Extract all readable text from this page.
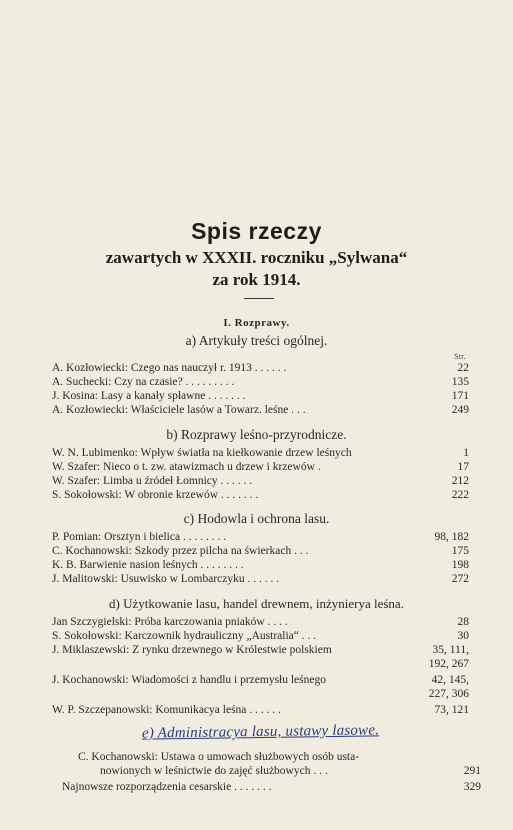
Spis rzeczy
zawartych w XXXII. roczniku „Sylwana“
za rok 1914.
I. Rozprawy.
a) Artykuły treści ogólnej.
Str.
A. Kozłowiecki: Czego nas nauczył r. 1913 . . . . . .	22
A. Suchecki: Czy na czasie? . . . . . . . . .	135
J. Kosina: Lasy a kanały spławne . . . . . . .	171
A. Kozłowiecki: Właściciele lasów a Towarz. leśne . . .	249
b) Rozprawy leśno-przyrodnicze.
W. N. Lubimenko: Wpływ światła na kiełkowanie drzew leśnych	1
W. Szafer: Nieco o t. zw. atawizmach u drzew i krzewów .	17
W. Szafer: Limba u źródeł Łomnicy . . . . . .	212
S. Sokołowski: W obronie krzewów . . . . . . .	222
c) Hodowla i ochrona lasu.
P. Pomian: Orsztyn i bielica . . . . . . . .	98, 182
C. Kochanowski: Szkody przez pilcha na świerkach . . .	175
K. B. Barwienie nasion leśnych . . . . . . . .	198
J. Malitowski: Usuwisko w Lombarczyku . . . . . .	272
d) Użytkowanie lasu, handel drewnem, inżynierya leśna.
Jan Szczygielski: Próba karczowania pniaków . . . .	28
S. Sokołowski: Karczownik hydrauliczny „Australia“ . . .	30
J. Miklaszewski: Z rynku drzewnego w Królestwie polskiem	35, 111,
192, 267
J. Kochanowski: Wiadomości z handlu i przemysłu leśnego	42, 145,
227, 306
W. P. Szczepanowski: Komunikacya leśna . . . . . .	73, 121
e) Administracya lasu, ustawy lasowe.
C. Kochanowski: Ustawa o umowach służbowych osób usta-
nowionych w leśnictwie do zajęć służbowych . . .	291
Najnowsze rozporządzenia cesarskie . . . . . . .	329
